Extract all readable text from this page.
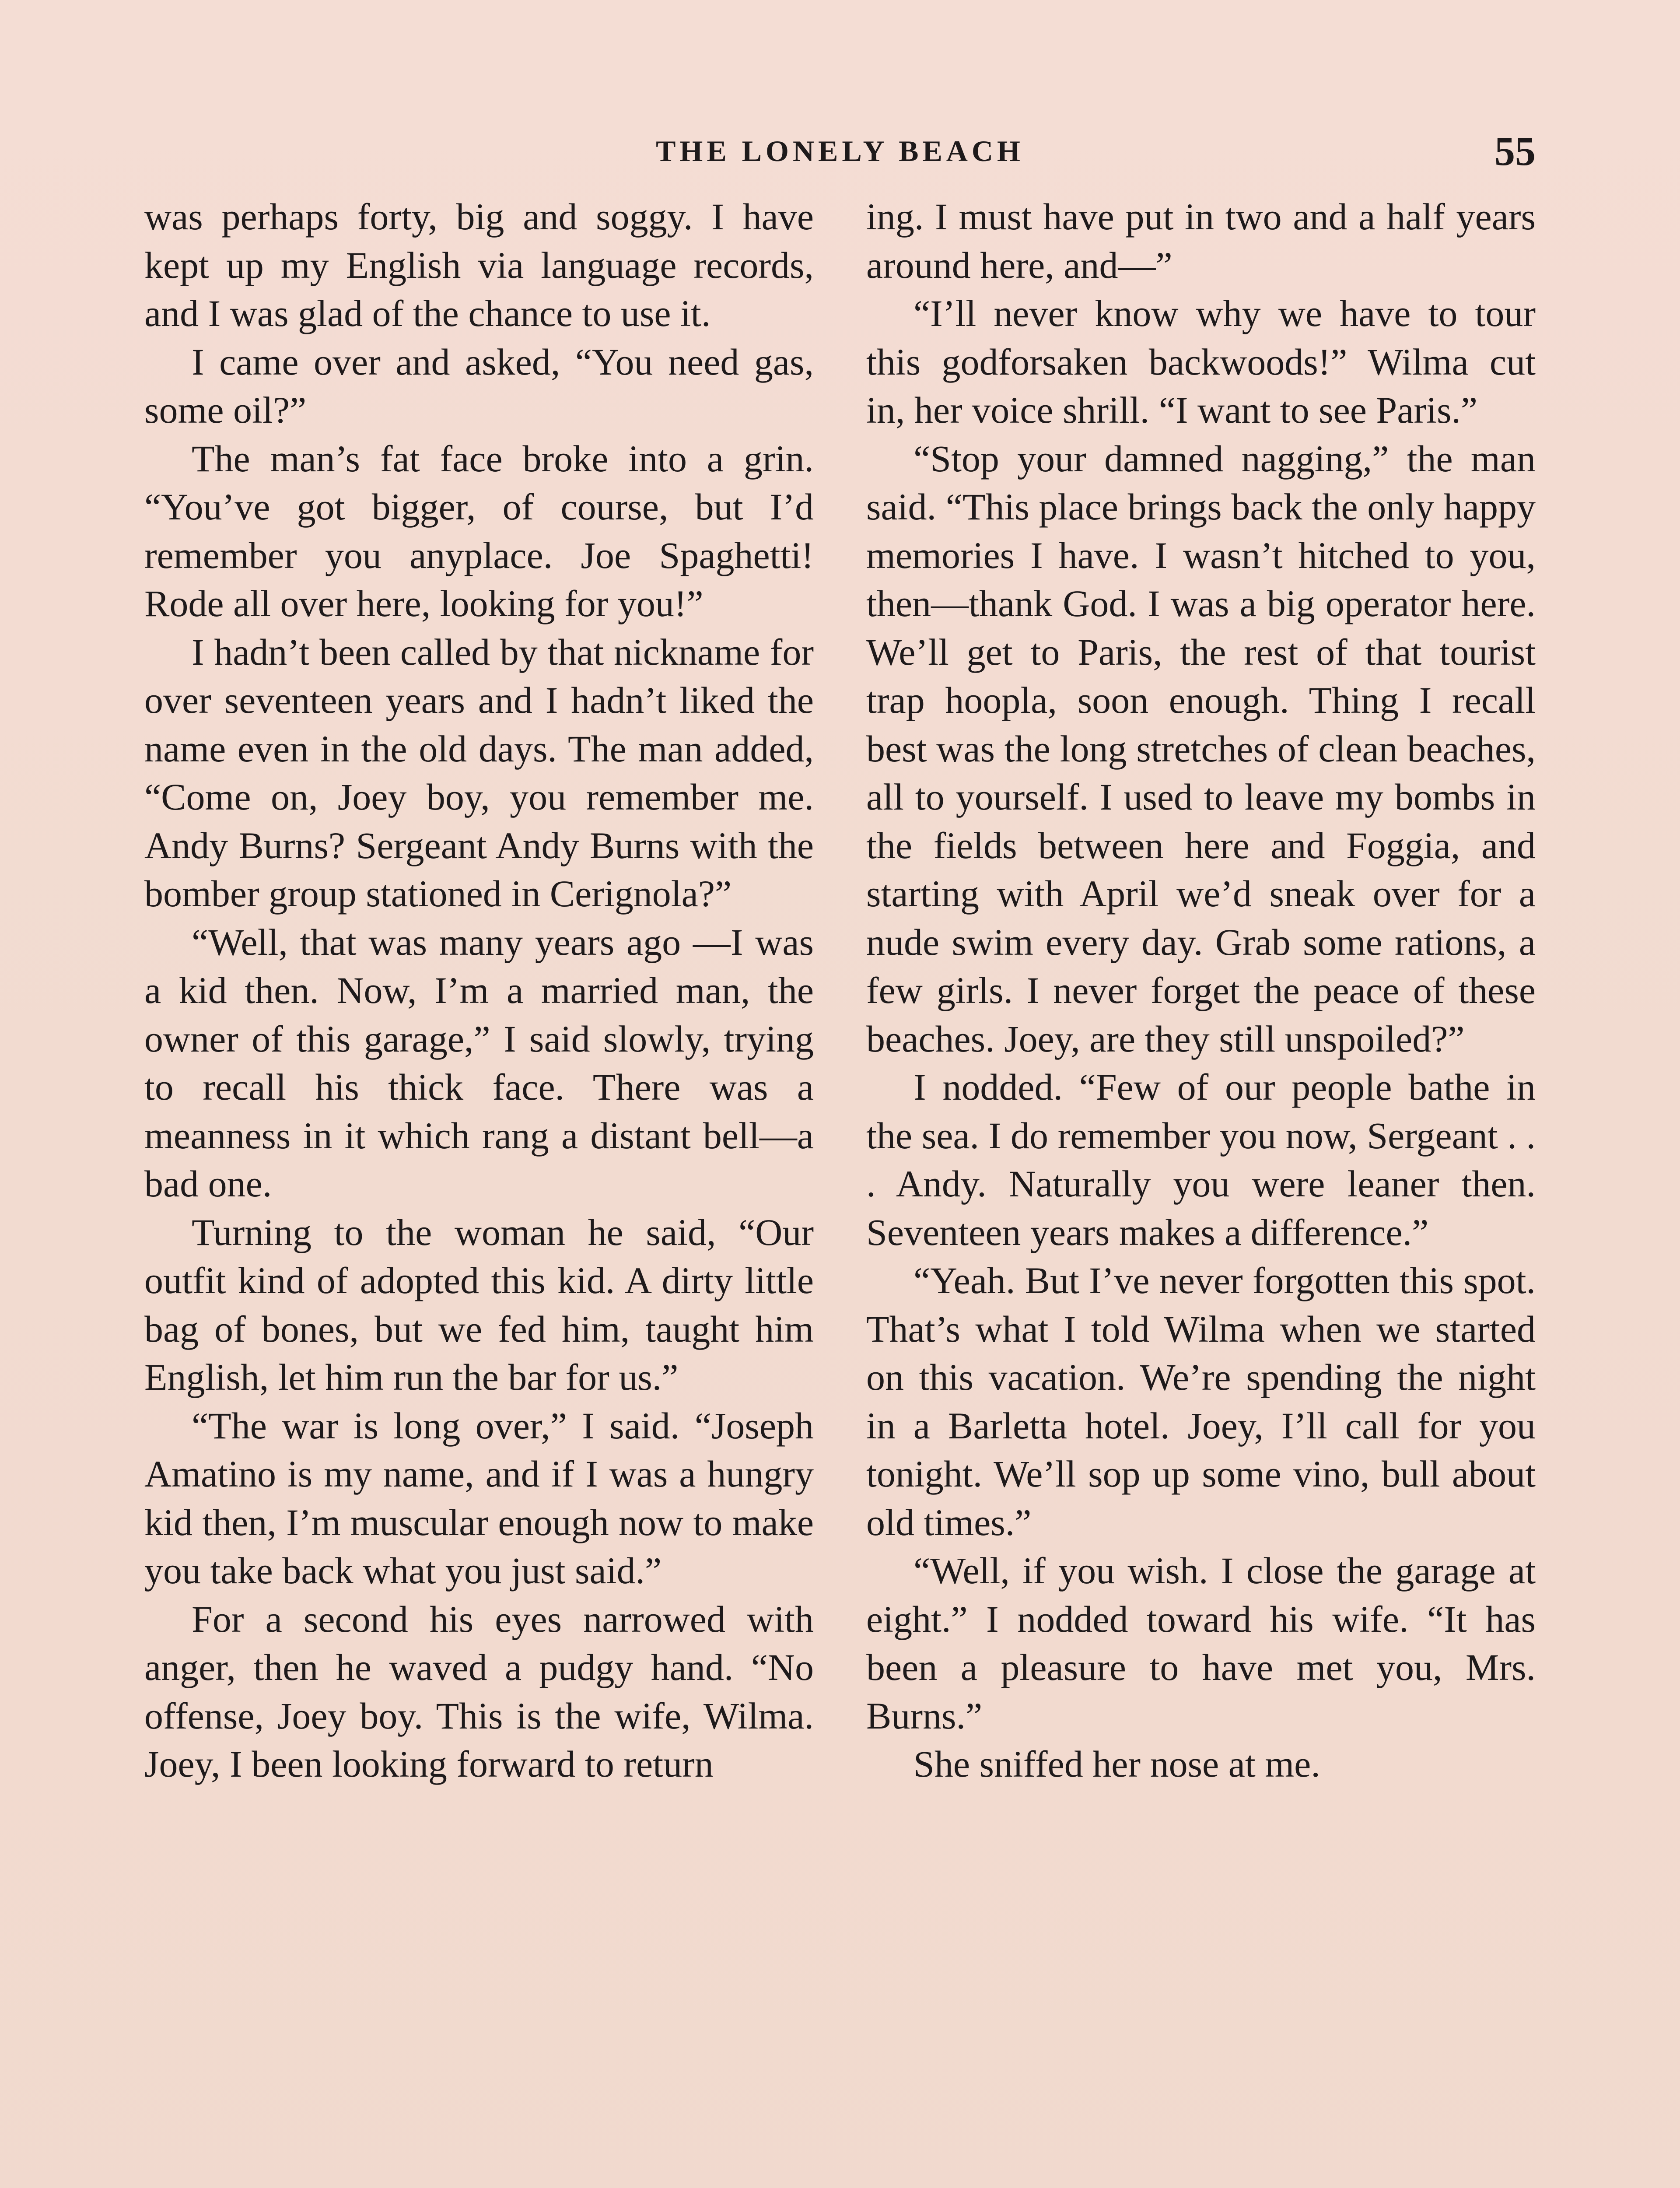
THE LONELY BEACH	55

was perhaps forty, big and soggy. I have kept up my English via language records, and I was glad of the chance to use it.

I came over and asked, “You need gas, some oil?”

The man’s fat face broke into a grin. “You’ve got bigger, of course, but I’d remember you anyplace. Joe Spaghetti! Rode all over here, looking for you!”

I hadn’t been called by that nickname for over seventeen years and I hadn’t liked the name even in the old days. The man added, “Come on, Joey boy, you remember me. Andy Burns? Sergeant Andy Burns with the bomber group stationed in Cerignola?”

“Well, that was many years ago —I was a kid then. Now, I’m a married man, the owner of this garage,” I said slowly, trying to recall his thick face. There was a meanness in it which rang a distant bell—a bad one.

Turning to the woman he said, “Our outfit kind of adopted this kid. A dirty little bag of bones, but we fed him, taught him English, let him run the bar for us.”

“The war is long over,” I said. “Joseph Amatino is my name, and if I was a hungry kid then, I’m muscular enough now to make you take back what you just said.”

For a second his eyes narrowed with anger, then he waved a pudgy hand. “No offense, Joey boy. This is the wife, Wilma. Joey, I been looking forward to return

ing. I must have put in two and a half years around here, and—”

“I’ll never know why we have to tour this godforsaken backwoods!” Wilma cut in, her voice shrill. “I want to see Paris.”

“Stop your damned nagging,” the man said. “This place brings back the only happy memories I have. I wasn’t hitched to you, then—thank God. I was a big operator here. We’ll get to Paris, the rest of that tourist trap hoopla, soon enough. Thing I recall best was the long stretches of clean beaches, all to yourself. I used to leave my bombs in the fields between here and Foggia, and starting with April we’d sneak over for a nude swim every day. Grab some rations, a few girls. I never forget the peace of these beaches. Joey, are they still unspoiled?”

I nodded. “Few of our people bathe in the sea. I do remember you now, Sergeant . . . Andy. Naturally you were leaner then. Seventeen years makes a difference.”

“Yeah. But I’ve never forgotten this spot. That’s what I told Wilma when we started on this vacation. We’re spending the night in a Barletta hotel. Joey, I’ll call for you tonight. We’ll sop up some vino, bull about old times.”

“Well, if you wish. I close the garage at eight.” I nodded toward his wife. “It has been a pleasure to have met you, Mrs. Burns.”

She sniffed her nose at me.
